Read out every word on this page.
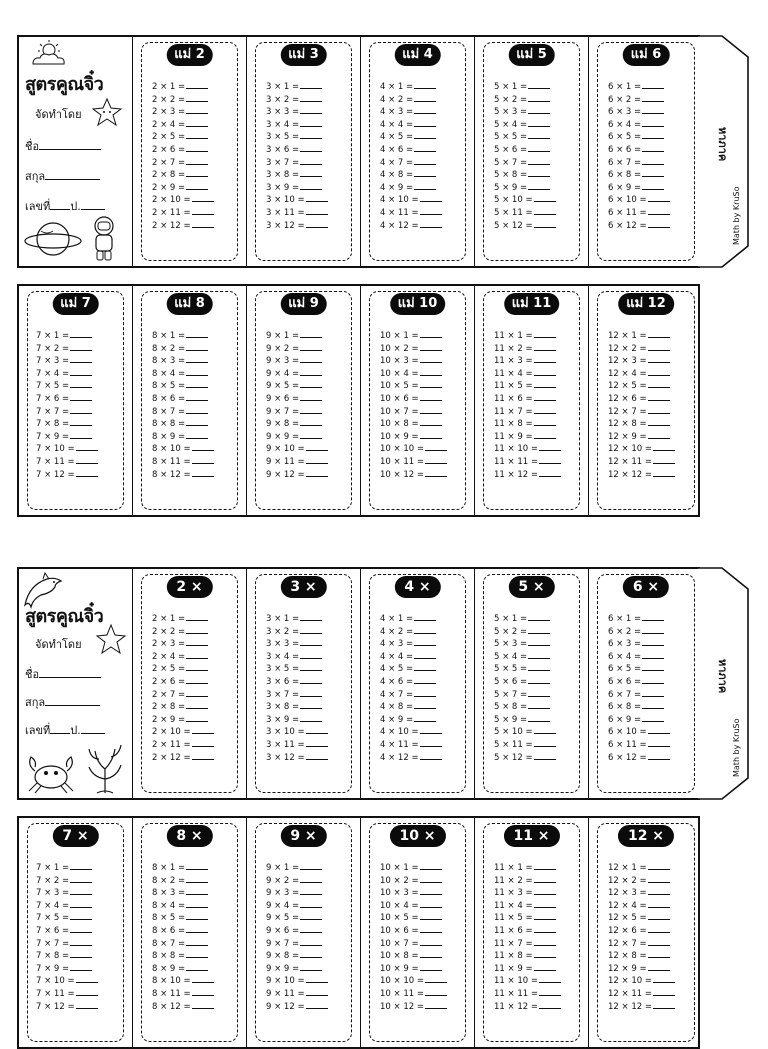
สูตรคูณจิ๋ว
จัดทำโดย
ชื่อ
สกุล
เลขที่ ป.
แม่ 2
2 × 1 =
2 × 2 =
2 × 3 =
2 × 4 =
2 × 5 =
2 × 6 =
2 × 7 =
2 × 8 =
2 × 9 =
2 × 10 =
2 × 11 =
2 × 12 =
แม่ 3
3 × 1 =
3 × 2 =
3 × 3 =
3 × 4 =
3 × 5 =
3 × 6 =
3 × 7 =
3 × 8 =
3 × 9 =
3 × 10 =
3 × 11 =
3 × 12 =
แม่ 4
4 × 1 =
4 × 2 =
4 × 3 =
4 × 4 =
4 × 5 =
4 × 6 =
4 × 7 =
4 × 8 =
4 × 9 =
4 × 10 =
4 × 11 =
4 × 12 =
แม่ 5
5 × 1 =
5 × 2 =
5 × 3 =
5 × 4 =
5 × 5 =
5 × 6 =
5 × 7 =
5 × 8 =
5 × 9 =
5 × 10 =
5 × 11 =
5 × 12 =
แม่ 6
6 × 1 =
6 × 2 =
6 × 3 =
6 × 4 =
6 × 5 =
6 × 6 =
6 × 7 =
6 × 8 =
6 × 9 =
6 × 10 =
6 × 11 =
6 × 12 =
หาภาค
Math by KruSo
แม่ 7
7 × 1 =
7 × 2 =
7 × 3 =
7 × 4 =
7 × 5 =
7 × 6 =
7 × 7 =
7 × 8 =
7 × 9 =
7 × 10 =
7 × 11 =
7 × 12 =
แม่ 8
8 × 1 =
8 × 2 =
8 × 3 =
8 × 4 =
8 × 5 =
8 × 6 =
8 × 7 =
8 × 8 =
8 × 9 =
8 × 10 =
8 × 11 =
8 × 12 =
แม่ 9
9 × 1 =
9 × 2 =
9 × 3 =
9 × 4 =
9 × 5 =
9 × 6 =
9 × 7 =
9 × 8 =
9 × 9 =
9 × 10 =
9 × 11 =
9 × 12 =
แม่ 10
10 × 1 =
10 × 2 =
10 × 3 =
10 × 4 =
10 × 5 =
10 × 6 =
10 × 7 =
10 × 8 =
10 × 9 =
10 × 10 =
10 × 11 =
10 × 12 =
แม่ 11
11 × 1 =
11 × 2 =
11 × 3 =
11 × 4 =
11 × 5 =
11 × 6 =
11 × 7 =
11 × 8 =
11 × 9 =
11 × 10 =
11 × 11 =
11 × 12 =
แม่ 12
12 × 1 =
12 × 2 =
12 × 3 =
12 × 4 =
12 × 5 =
12 × 6 =
12 × 7 =
12 × 8 =
12 × 9 =
12 × 10 =
12 × 11 =
12 × 12 =
สูตรคูณจิ๋ว
จัดทำโดย
ชื่อ
สกุล
เลขที่ ป.
2 ×
2 × 1 =
2 × 2 =
2 × 3 =
2 × 4 =
2 × 5 =
2 × 6 =
2 × 7 =
2 × 8 =
2 × 9 =
2 × 10 =
2 × 11 =
2 × 12 =
3 ×
3 × 1 =
3 × 2 =
3 × 3 =
3 × 4 =
3 × 5 =
3 × 6 =
3 × 7 =
3 × 8 =
3 × 9 =
3 × 10 =
3 × 11 =
3 × 12 =
4 ×
4 × 1 =
4 × 2 =
4 × 3 =
4 × 4 =
4 × 5 =
4 × 6 =
4 × 7 =
4 × 8 =
4 × 9 =
4 × 10 =
4 × 11 =
4 × 12 =
5 ×
5 × 1 =
5 × 2 =
5 × 3 =
5 × 4 =
5 × 5 =
5 × 6 =
5 × 7 =
5 × 8 =
5 × 9 =
5 × 10 =
5 × 11 =
5 × 12 =
6 ×
6 × 1 =
6 × 2 =
6 × 3 =
6 × 4 =
6 × 5 =
6 × 6 =
6 × 7 =
6 × 8 =
6 × 9 =
6 × 10 =
6 × 11 =
6 × 12 =
หาภาค
Math by KruSo
7 ×
7 × 1 =
7 × 2 =
7 × 3 =
7 × 4 =
7 × 5 =
7 × 6 =
7 × 7 =
7 × 8 =
7 × 9 =
7 × 10 =
7 × 11 =
7 × 12 =
8 ×
8 × 1 =
8 × 2 =
8 × 3 =
8 × 4 =
8 × 5 =
8 × 6 =
8 × 7 =
8 × 8 =
8 × 9 =
8 × 10 =
8 × 11 =
8 × 12 =
9 ×
9 × 1 =
9 × 2 =
9 × 3 =
9 × 4 =
9 × 5 =
9 × 6 =
9 × 7 =
9 × 8 =
9 × 9 =
9 × 10 =
9 × 11 =
9 × 12 =
10 ×
10 × 1 =
10 × 2 =
10 × 3 =
10 × 4 =
10 × 5 =
10 × 6 =
10 × 7 =
10 × 8 =
10 × 9 =
10 × 10 =
10 × 11 =
10 × 12 =
11 ×
11 × 1 =
11 × 2 =
11 × 3 =
11 × 4 =
11 × 5 =
11 × 6 =
11 × 7 =
11 × 8 =
11 × 9 =
11 × 10 =
11 × 11 =
11 × 12 =
12 ×
12 × 1 =
12 × 2 =
12 × 3 =
12 × 4 =
12 × 5 =
12 × 6 =
12 × 7 =
12 × 8 =
12 × 9 =
12 × 10 =
12 × 11 =
12 × 12 =
